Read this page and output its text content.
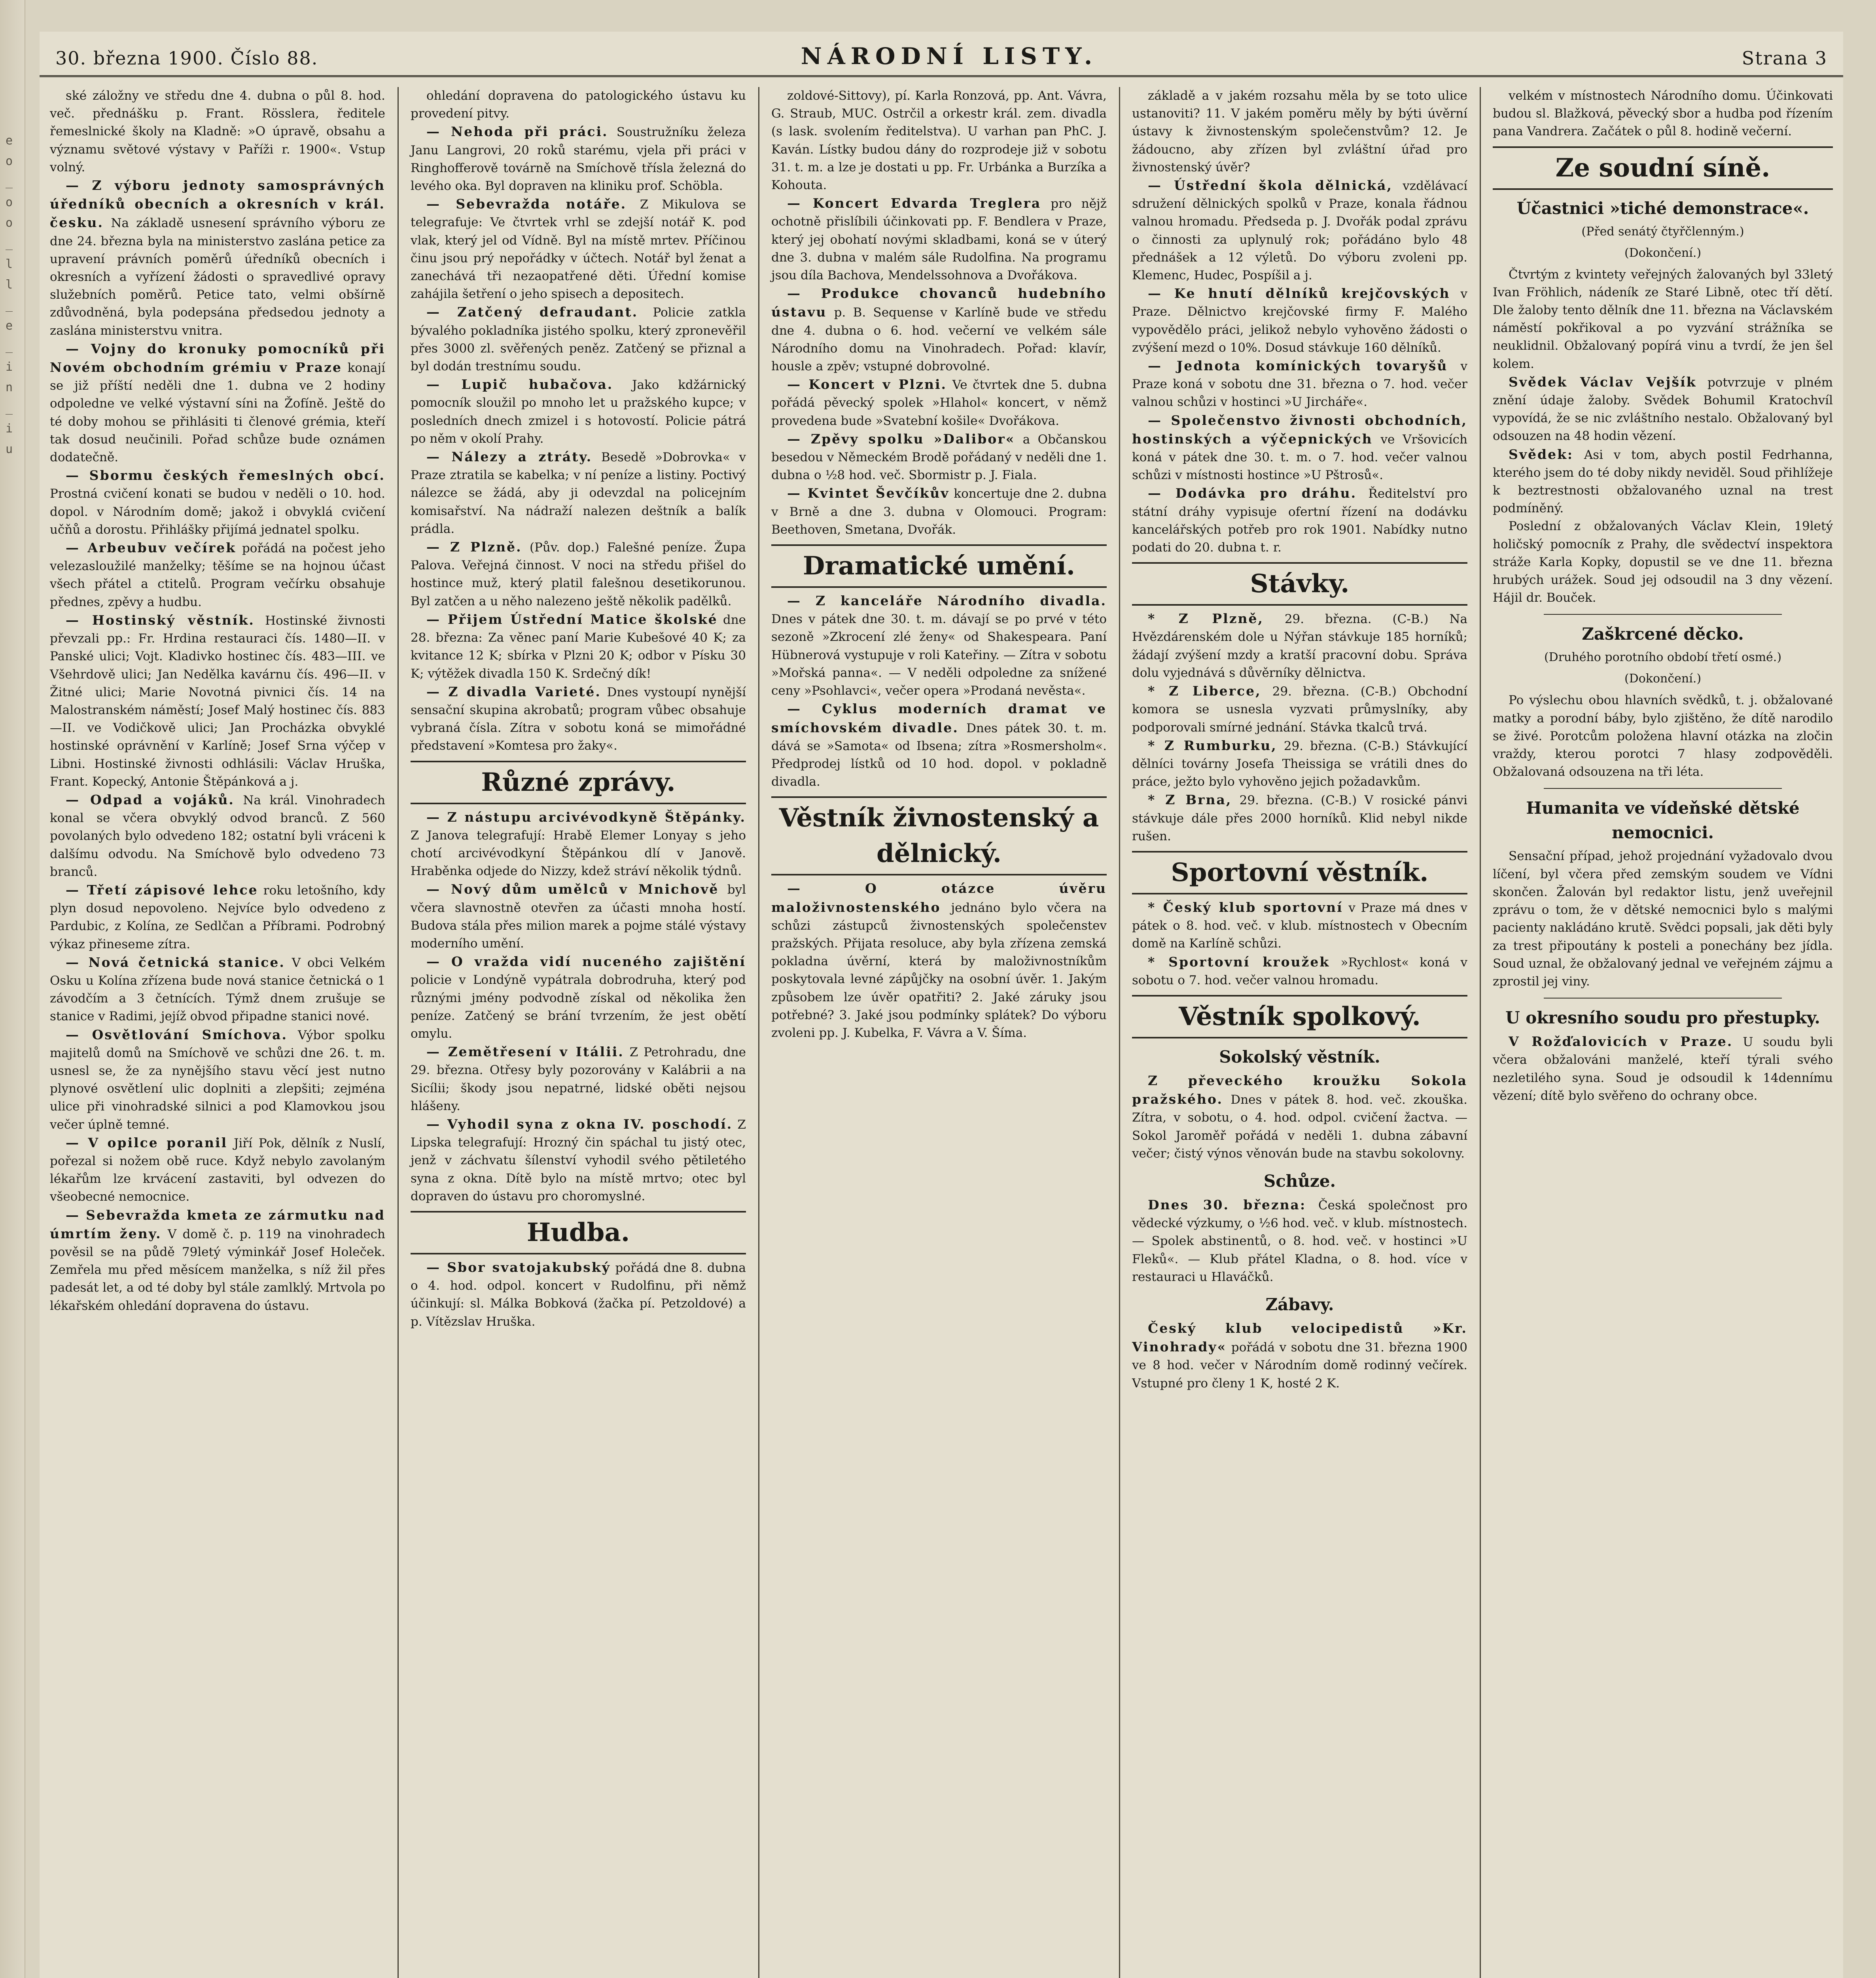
eo_oo_ll_e_in_iu
30. března 1900. Číslo 88.	NÁRODNÍ LISTY.	Strana 3

ské záložny ve středu dne 4. dubna o půl 8. hod. več. přednášku p. Frant. Rösslera, ředitele řemeslnické školy na Kladně: »O úpravě, obsahu a významu světové výstavy v Paříži r. 1900«. Vstup volný.

— Z výboru jednoty samosprávných úředníků obecních a okresních v král. česku. Na základě usnesení správního výboru ze dne 24. března byla na ministerstvo zaslána petice za upravení právních poměrů úředníků obecních i okresních a vyřízení žádosti o spravedlivé opravy služebních poměrů. Petice tato, velmi obšírně zdůvodněná, byla podepsána předsedou jednoty a zaslána ministerstvu vnitra.

— Vojny do kronuky pomocníků při Novém obchodním grémiu v Praze konají se již příští neděli dne 1. dubna ve 2 hodiny odpoledne ve velké výstavní síni na Žofíně. Ještě do té doby mohou se přihlásiti ti členové grémia, kteří tak dosud neučinili. Pořad schůze bude oznámen dodatečně.

— Sbormu českých řemeslných obcí. Prostná cvičení konati se budou v neděli o 10. hod. dopol. v Národním domě; jakož i obvyklá cvičení učňů a dorostu. Přihlášky přijímá jednatel spolku.

— Arbeubuv večírek pořádá na počest jeho velezasloužilé manželky; těšíme se na hojnou účast všech přátel a ctitelů. Program večírku obsahuje přednes, zpěvy a hudbu.

— Hostinský věstník. Hostinské živnosti převzali pp.: Fr. Hrdina restauraci čís. 1480—II. v Panské ulici; Vojt. Kladivko hostinec čís. 483—III. ve Všehrdově ulici; Jan Nedělka kavárnu čís. 496—II. v Žitné ulici; Marie Novotná pivnici čís. 14 na Malostranském náměstí; Josef Malý hostinec čís. 883—II. ve Vodičkově ulici; Jan Procházka obvyklé hostinské oprávnění v Karlíně; Josef Srna výčep v Libni. Hostinské živnosti odhlásili: Václav Hruška, Frant. Kopecký, Antonie Štěpánková a j.

— Odpad a vojáků. Na král. Vinohradech konal se včera obvyklý odvod branců. Z 560 povolaných bylo odvedeno 182; ostatní byli vráceni k dalšímu odvodu. Na Smíchově bylo odvedeno 73 branců.

— Třetí zápisové lehce roku letošního, kdy plyn dosud nepovoleno. Nejvíce bylo odvedeno z Pardubic, z Kolína, ze Sedlčan a Příbrami. Podrobný výkaz přineseme zítra.

— Nová četnická stanice. V obci Velkém Osku u Kolína zřízena bude nová stanice četnická o 1 závodčím a 3 četnících. Týmž dnem zrušuje se stanice v Radimi, jejíž obvod připadne stanici nové.

— Osvětlování Smíchova. Výbor spolku majitelů domů na Smíchově ve schůzi dne 26. t. m. usnesl se, že za nynějšího stavu věcí jest nutno plynové osvětlení ulic doplniti a zlepšiti; zejména ulice při vinohradské silnici a pod Klamovkou jsou večer úplně temné.

— V opilce poranil Jiří Pok, dělník z Nuslí, pořezal si nožem obě ruce. Když nebylo zavolaným lékařům lze krvácení zastaviti, byl odvezen do všeobecné nemocnice.

— Sebevražda kmeta ze zármutku nad úmrtím ženy. V domě č. p. 119 na vinohradech pověsil se na půdě 79letý výminkář Josef Holeček. Zemřela mu před měsícem manželka, s níž žil přes padesát let, a od té doby byl stále zamlklý. Mrtvola po lékařském ohledání dopravena do ústavu.

ohledání dopravena do patologického ústavu ku provedení pitvy.

— Nehoda při práci. Soustružníku železa Janu Langrovi, 20 roků starému, vjela při práci v Ringhofferově továrně na Smíchově třísla železná do levého oka. Byl dopraven na kliniku prof. Schöbla.

— Sebevražda notáře. Z Mikulova se telegrafuje: Ve čtvrtek vrhl se zdejší notář K. pod vlak, který jel od Vídně. Byl na místě mrtev. Příčinou činu jsou prý nepořádky v účtech. Notář byl ženat a zanechává tři nezaopatřené děti. Úřední komise zahájila šetření o jeho spisech a depositech.

— Zatčený defraudant. Policie zatkla bývalého pokladníka jistého spolku, který zpronevěřil přes 3000 zl. svěřených peněz. Zatčený se přiznal a byl dodán trestnímu soudu.

— Lupič hubačova. Jako kdžárnický pomocník sloužil po mnoho let u pražského kupce; v posledních dnech zmizel i s hotovostí. Policie pátrá po něm v okolí Prahy.

— Nálezy a ztráty. Besedě »Dobrovka« v Praze ztratila se kabelka; v ní peníze a listiny. Poctivý nálezce se žádá, aby ji odevzdal na policejním komisařství. Na nádraží nalezen deštník a balík prádla.

— Z Plzně. (Pův. dop.) Falešné peníze. Župa Palova. Veřejná činnost. V noci na středu přišel do hostince muž, který platil falešnou desetikorunou. Byl zatčen a u něho nalezeno ještě několik padělků.

— Přijem Ústřední Matice školské dne 28. března: Za věnec paní Marie Kubešové 40 K; za kvitance 12 K; sbírka v Plzni 20 K; odbor v Písku 30 K; výtěžek divadla 150 K. Srdečný dík!

— Z divadla Varieté. Dnes vystoupí nynější sensační skupina akrobatů; program vůbec obsahuje vybraná čísla. Zítra v sobotu koná se mimořádné představení »Komtesa pro žaky«.

Různé zprávy.

— Z nástupu arcivévodkyně Štěpánky. Z Janova telegrafují: Hrabě Elemer Lonyay s jeho chotí arcivévodkyní Štěpánkou dlí v Janově. Hraběnka odjede do Nizzy, kdež stráví několik týdnů.

— Nový dům umělců v Mnichově byl včera slavnostně otevřen za účasti mnoha hostí. Budova stála přes milion marek a pojme stálé výstavy moderního umění.

— O vražda vidí nuceného zajištění policie v Londýně vypátrala dobrodruha, který pod různými jmény podvodně získal od několika žen peníze. Zatčený se brání tvrzením, že jest obětí omylu.

— Zemětřesení v Itálii. Z Petrohradu, dne 29. března. Otřesy byly pozorovány v Kalábrii a na Sicílii; škody jsou nepatrné, lidské oběti nejsou hlášeny.

— Vyhodil syna z okna IV. poschodí. Z Lipska telegrafují: Hrozný čin spáchal tu jistý otec, jenž v záchvatu šílenství vyhodil svého pětiletého syna z okna. Dítě bylo na místě mrtvo; otec byl dopraven do ústavu pro choromyslné.

Hudba.

— Sbor svatojakubský pořádá dne 8. dubna o 4. hod. odpol. koncert v Rudolfinu, při němž účinkují: sl. Málka Bobková (žačka pí. Petzoldové) a p. Vítězslav Hruška.

zoldové-Sittovy), pí. Karla Ronzová, pp. Ant. Vávra, G. Straub, MUC. Ostrčil a orkestr král. zem. divadla (s lask. svolením ředitelstva). U varhan pan PhC. J. Kaván. Lístky budou dány do rozprodeje již v sobotu 31. t. m. a lze je dostati u pp. Fr. Urbánka a Burzíka a Kohouta.

— Koncert Edvarda Treglera pro nějž ochotně přislíbili účinkovati pp. F. Bendlera v Praze, který jej obohatí novými skladbami, koná se v úterý dne 3. dubna v malém sále Rudolfina. Na programu jsou díla Bachova, Mendelssohnova a Dvořákova.

— Produkce chovanců hudebního ústavu p. B. Sequense v Karlíně bude ve středu dne 4. dubna o 6. hod. večerní ve velkém sále Národního domu na Vinohradech. Pořad: klavír, housle a zpěv; vstupné dobrovolné.

— Koncert v Plzni. Ve čtvrtek dne 5. dubna pořádá pěvecký spolek »Hlahol« koncert, v němž provedena bude »Svatební košile« Dvořákova.

— Zpěvy spolku »Dalibor« a Občanskou besedou v Německém Brodě pořádaný v neděli dne 1. dubna o ½8 hod. več. Sbormistr p. J. Fiala.

— Kvintet Ševčíkův koncertuje dne 2. dubna v Brně a dne 3. dubna v Olomouci. Program: Beethoven, Smetana, Dvořák.

Dramatické umění.

— Z kanceláře Národního divadla. Dnes v pátek dne 30. t. m. dávají se po prvé v této sezoně »Zkrocení zlé ženy« od Shakespeara. Paní Hübnerová vystupuje v roli Kateřiny. — Zítra v sobotu »Mořská panna«. — V neděli odpoledne za snížené ceny »Psohlavci«, večer opera »Prodaná nevěsta«.

— Cyklus moderních dramat ve smíchovském divadle. Dnes pátek 30. t. m. dává se »Samota« od Ibsena; zítra »Rosmersholm«. Předprodej lístků od 10 hod. dopol. v pokladně divadla.

Věstník živnostenský a dělnický.

— O otázce úvěru maloživnostenského jednáno bylo včera na schůzi zástupců živnostenských společenstev pražských. Přijata resoluce, aby byla zřízena zemská pokladna úvěrní, která by maloživnostníkům poskytovala levné zápůjčky na osobní úvěr. 1. Jakým způsobem lze úvěr opatřiti? 2. Jaké záruky jsou potřebné? 3. Jaké jsou podmínky splátek? Do výboru zvoleni pp. J. Kubelka, F. Vávra a V. Šíma.

základě a v jakém rozsahu měla by se toto ulice ustanoviti? 11. V jakém poměru měly by býti úvěrní ústavy k živnostenským společenstvům? 12. Je žádoucno, aby zřízen byl zvláštní úřad pro živnostenský úvěr?

— Ústřední škola dělnická, vzdělávací sdružení dělnických spolků v Praze, konala řádnou valnou hromadu. Předseda p. J. Dvořák podal zprávu o činnosti za uplynulý rok; pořádáno bylo 48 přednášek a 12 výletů. Do výboru zvoleni pp. Klemenc, Hudec, Pospíšil a j.

— Ke hnutí dělníků krejčovských v Praze. Dělnictvo krejčovské firmy F. Malého vypovědělo práci, jelikož nebylo vyhověno žádosti o zvýšení mezd o 10%. Dosud stávkuje 160 dělníků.

— Jednota komínických tovaryšů v Praze koná v sobotu dne 31. března o 7. hod. večer valnou schůzi v hostinci »U Jircháře«.

— Společenstvo živnosti obchodních, hostinských a výčepnických ve Vršovicích koná v pátek dne 30. t. m. o 7. hod. večer valnou schůzi v místnosti hostince »U Pštrosů«.

— Dodávka pro dráhu. Ředitelství pro státní dráhy vypisuje ofertní řízení na dodávku kancelářských potřeb pro rok 1901. Nabídky nutno podati do 20. dubna t. r.

Stávky.

* Z Plzně, 29. března. (C-B.) Na Hvězdárenském dole u Nýřan stávkuje 185 horníků; žádají zvýšení mzdy a kratší pracovní dobu. Správa dolu vyjednává s důvěrníky dělnictva.

* Z Liberce, 29. března. (C-B.) Obchodní komora se usnesla vyzvati průmyslníky, aby podporovali smírné jednání. Stávka tkalců trvá.

* Z Rumburku, 29. března. (C-B.) Stávkující dělníci továrny Josefa Theissiga se vrátili dnes do práce, ježto bylo vyhověno jejich požadavkům.

* Z Brna, 29. března. (C-B.) V rosické pánvi stávkuje dále přes 2000 horníků. Klid nebyl nikde rušen.

Sportovní věstník.

* Český klub sportovní v Praze má dnes v pátek o 8. hod. več. v klub. místnostech v Obecním domě na Karlíně schůzi.

* Sportovní kroužek »Rychlost« koná v sobotu o 7. hod. večer valnou hromadu.

Věstník spolkový.
Sokolský věstník.

Z převeckého kroužku Sokola pražského. Dnes v pátek 8. hod. več. zkouška. Zítra, v sobotu, o 4. hod. odpol. cvičení žactva. — Sokol Jaroměř pořádá v neděli 1. dubna zábavní večer; čistý výnos věnován bude na stavbu sokolovny.

Schůze.

Dnes 30. března: Česká společnost pro vědecké výzkumy, o ½6 hod. več. v klub. místnostech. — Spolek abstinentů, o 8. hod. več. v hostinci »U Fleků«. — Klub přátel Kladna, o 8. hod. více v restauraci u Hlaváčků.

Zábavy.

Český klub velocipedistů »Kr. Vinohrady« pořádá v sobotu dne 31. března 1900 ve 8 hod. večer v Národním domě rodinný večírek. Vstupné pro členy 1 K, hosté 2 K.

velkém v místnostech Národního domu. Účinkovati budou sl. Blažková, pěvecký sbor a hudba pod řízením pana Vandrera. Začátek o půl 8. hodině večerní.

Ze soudní síně.
Účastnici »tiché demonstrace«.
(Před senátý čtyřčlenným.)
(Dokončení.)

Čtvrtým z kvintety veřejných žalovaných byl 33letý Ivan Fröhlich, nádeník ze Staré Libně, otec tří dětí. Dle žaloby tento dělník dne 11. března na Václavském náměstí pokřikoval a po vyzvání strážníka se neuklidnil. Obžalovaný popírá vinu a tvrdí, že jen šel kolem.

Svědek Václav Vejšík potvrzuje v plném znění údaje žaloby. Svědek Bohumil Kratochvíl vypovídá, že se nic zvláštního nestalo. Obžalovaný byl odsouzen na 48 hodin vězení.

Svědek: Asi v tom, abych postil Fedrhanna, kterého jsem do té doby nikdy neviděl. Soud přihlížeje k beztrestnosti obžalovaného uznal na trest podmíněný.

Poslední z obžalovaných Václav Klein, 19letý holičský pomocník z Prahy, dle svědectví inspektora stráže Karla Kopky, dopustil se ve dne 11. března hrubých urážek. Soud jej odsoudil na 3 dny vězení. Hájil dr. Bouček.

Zaškrcené děcko.
(Druhého porotního období třetí osmé.)
(Dokončení.)

Po výslechu obou hlavních svědků, t. j. obžalované matky a porodní báby, bylo zjištěno, že dítě narodilo se živé. Porotcům položena hlavní otázka na zločin vraždy, kterou porotci 7 hlasy zodpověděli. Obžalovaná odsouzena na tři léta.

Humanita ve vídeňské dětské nemocnici.

Sensační případ, jehož projednání vyžadovalo dvou líčení, byl včera před zemským soudem ve Vídni skončen. Žalován byl redaktor listu, jenž uveřejnil zprávu o tom, že v dětské nemocnici bylo s malými pacienty nakládáno krutě. Svědci popsali, jak děti byly za trest připoutány k posteli a ponechány bez jídla. Soud uznal, že obžalovaný jednal ve veřejném zájmu a zprostil jej viny.

U okresního soudu pro přestupky.

V Rožďalovicích v Praze. U soudu byli včera obžalováni manželé, kteří týrali svého nezletilého syna. Soud je odsoudil k 14dennímu vězení; dítě bylo svěřeno do ochrany obce.
